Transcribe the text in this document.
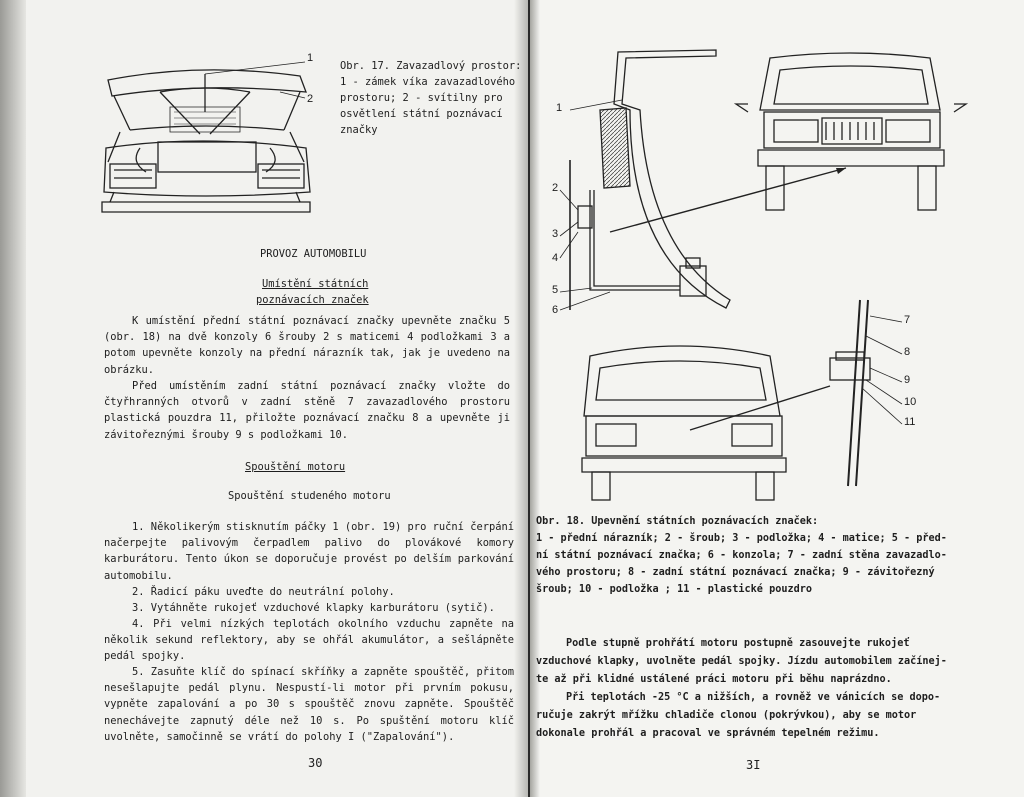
1
2

Obr. 17. Zavazadlový prostor:

1 - zámek víka zavazadlového

prostoru; 2 - svítilny pro

osvětlení státní poznávací

značky

PROVOZ AUTOMOBILU

Umístění státních

poznávacích značek

K umístění přední státní poznávací značky upevněte značku 5 (obr. 18) na dvě konzoly 6 šrouby 2 s maticemi 4 podložkami 3 a potom upevněte konzoly na přední nárazník tak, jak je uvedeno na obrázku.

Před umístěním zadní státní poznávací značky vložte do čtyřhranných otvorů v zadní stěně 7 zavazadlového prostoru plastická pouzdra 11, přiložte poznávací značku 8 a upevněte ji závitořeznými šrouby 9 s podložkami 10.

Spouštění motoru

Spouštění studeného motoru

1. Několikerým stisknutím páčky 1 (obr. 19) pro ruční čerpání načerpejte palivovým čerpadlem palivo do plovákové komory karburátoru. Tento úkon se doporučuje provést po delším parkování automobilu.
2. Řadicí páku uveďte do neutrální polohy.
3. Vytáhněte rukojeť vzduchové klapky karburátoru (sytič).
4. Při velmi nízkých teplotách okolního vzduchu zapněte na několik sekund reflektory, aby se ohřál akumulátor, a sešlápněte pedál spojky.
5. Zasuňte klíč do spínací skříňky a zapněte spouštěč, přitom nesešlapujte pedál plynu. Nespustí-li motor při prvním pokusu, vypněte zapalování a po 30 s spouštěč znovu zapněte. Spouštěč nenechávejte zapnutý déle než 10 s. Po spuštění motoru klíč uvolněte, samočinně se vrátí do polohy I ("Zapalování").
30
1
2
3
4
5
6
7
8
9
10
11

Obr. 18. Upevnění státních poznávacích značek:

1 - přední nárazník; 2 - šroub; 3 - podložka; 4 - matice; 5 - před-

ní státní poznávací značka; 6 - konzola; 7 - zadní stěna zavazadlo-

vého prostoru; 8 - zadní státní poznávací značka; 9 - závitořezný

šroub; 10 - podložka ; 11 - plastické pouzdro

Podle stupně prohřátí motoru postupně zasouvejte rukojeť

vzduchové klapky, uvolněte pedál spojky. Jízdu automobilem začínej-

te až při klidné ustálené práci motoru při běhu naprázdno.

Při teplotách -25 °C a nižších, a rovněž ve vánicích se dopo-

ručuje zakrýt mřížku chladiče clonou (pokrývkou), aby se motor

dokonale prohřál a pracoval ve správném tepelném režimu.

3I
